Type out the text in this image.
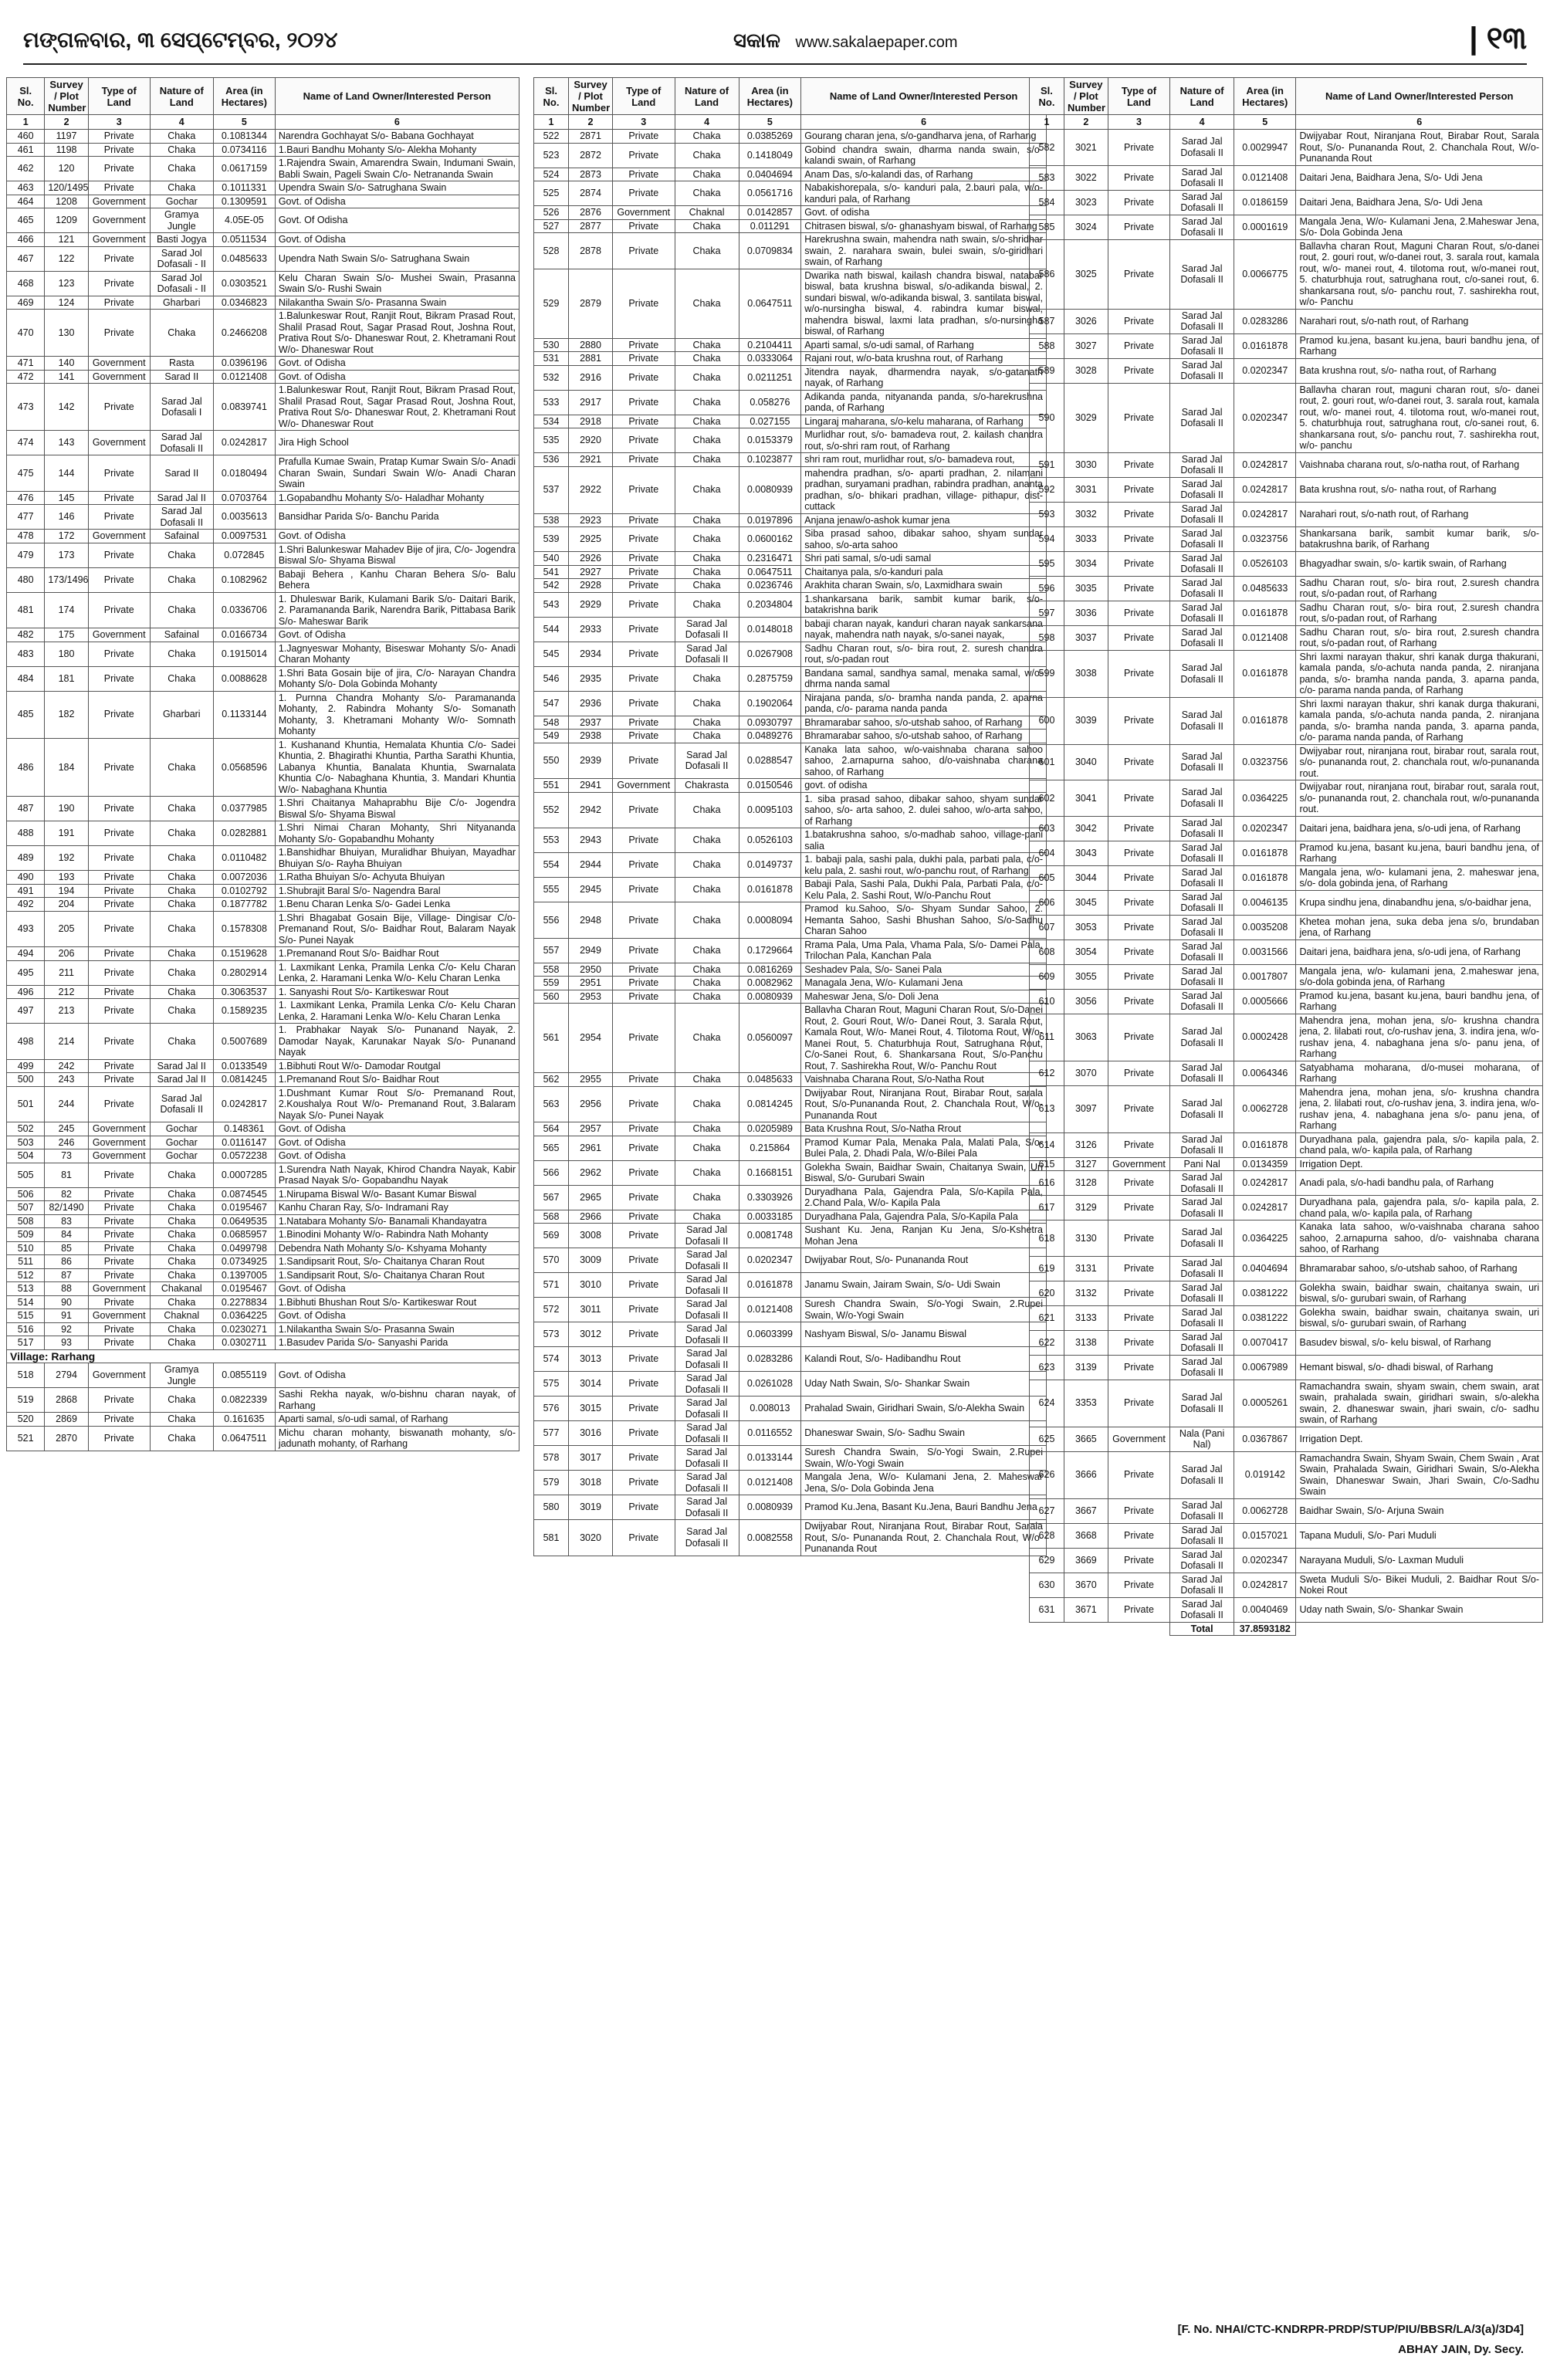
ମଙ୍ଗଳବାର, ୩ ସେପ୍ଟେମ୍ବର, ୨୦୨୪	ସକାଳ www.sakalaepaper.com	| ୧୩
Sl. No.	Survey / Plot Number	Type of Land	Nature of Land	Area (in Hectares)	Name of Land Owner/Interested Person
1	2	3	4	5	6
460	1197	Private	Chaka	0.1081344	Narendra Gochhayat S/o- Babana Gochhayat
461	1198	Private	Chaka	0.0734116	1.Bauri Bandhu Mohanty S/o- Alekha Mohanty
462	120	Private	Chaka	0.0617159	1.Rajendra Swain, Amarendra Swain, Indumani Swain, Babli Swain, Pageli Swain C/o- Netrananda Swain
463	120/1495	Private	Chaka	0.1011331	Upendra Swain S/o- Satrughana Swain
464	1208	Government	Gochar	0.1309591	Govt. of Odisha
465	1209	Government	Gramya Jungle	4.05E-05	Govt. Of Odisha
466	121	Government	Basti Jogya	0.0511534	Govt. of Odisha
467	122	Private	Sarad Jol Dofasali - II	0.0485633	Upendra Nath Swain S/o- Satrughana Swain
468	123	Private	Sarad Jol Dofasali - II	0.0303521	Kelu Charan Swain S/o- Mushei Swain, Prasanna Swain S/o- Rushi Swain
469	124	Private	Gharbari	0.0346823	Nilakantha Swain S/o- Prasanna Swain
470	130	Private	Chaka	0.2466208	1.Balunkeswar Rout, Ranjit Rout, Bikram Prasad Rout, Shalil Prasad Rout, Sagar Prasad Rout, Joshna Rout, Prativa Rout S/o- Dhaneswar Rout, 2. Khetramani Rout W/o- Dhaneswar Rout
471	140	Government	Rasta	0.0396196	Govt. of Odisha
472	141	Government	Sarad II	0.0121408	Govt. of Odisha
473	142	Private	Sarad Jal Dofasali I	0.0839741	1.Balunkeswar Rout, Ranjit Rout, Bikram Prasad Rout, Shalil Prasad Rout, Sagar Prasad Rout, Joshna Rout, Prativa Rout S/o- Dhaneswar Rout, 2. Khetramani Rout W/o- Dhaneswar Rout
474	143	Government	Sarad Jal Dofasali II	0.0242817	Jira High School
475	144	Private	Sarad II	0.0180494	Prafulla Kumae Swain, Pratap Kumar Swain S/o- Anadi Charan Swain, Sundari Swain W/o- Anadi Charan Swain
476	145	Private	Sarad Jal II	0.0703764	1.Gopabandhu Mohanty S/o- Haladhar Mohanty
477	146	Private	Sarad Jal Dofasali II	0.0035613	Bansidhar Parida S/o- Banchu Parida
478	172	Government	Safainal	0.0097531	Govt. of Odisha
479	173	Private	Chaka	0.072845	1.Shri Balunkeswar Mahadev Bije of jira, C/o- Jogendra Biswal S/o- Shyama Biswal
480	173/1496	Private	Chaka	0.1082962	Babaji Behera , Kanhu Charan Behera S/o- Balu Behera
481	174	Private	Chaka	0.0336706	1. Dhuleswar Barik, Kulamani Barik S/o- Daitari Barik, 2. Paramananda Barik, Narendra Barik, Pittabasa Barik S/o- Maheswar Barik
482	175	Government	Safainal	0.0166734	Govt. of Odisha
483	180	Private	Chaka	0.1915014	1.Jagnyeswar Mohanty, Biseswar Mohanty S/o- Anadi Charan Mohanty
484	181	Private	Chaka	0.0088628	1.Shri Bata Gosain bije of jira, C/o- Narayan Chandra Mohanty S/o- Dola Gobinda Mohanty
485	182	Private	Gharbari	0.1133144	1. Purnna Chandra Mohanty S/o- Paramananda Mohanty, 2. Rabindra Mohanty S/o- Somanath Mohanty, 3. Khetramani Mohanty W/o- Somnath Mohanty
486	184	Private	Chaka	0.0568596	1. Kushanand Khuntia, Hemalata Khuntia C/o- Sadei Khuntia, 2. Bhagirathi Khuntia, Partha Sarathi Khuntia, Labanya Khuntia, Banalata Khuntia, Swarnalata Khuntia C/o- Nabaghana Khuntia, 3. Mandari Khuntia W/o- Nabaghana Khuntia
487	190	Private	Chaka	0.0377985	1.Shri Chaitanya Mahaprabhu Bije C/o- Jogendra Biswal S/o- Shyama Biswal
488	191	Private	Chaka	0.0282881	1.Shri Nimai Charan Mohanty, Shri Nityananda Mohanty S/o- Gopabandhu Mohanty
489	192	Private	Chaka	0.0110482	1.Banshidhar Bhuiyan, Muralidhar Bhuiyan, Mayadhar Bhuiyan S/o- Rayha Bhuiyan
490	193	Private	Chaka	0.0072036	1.Ratha Bhuiyan S/o- Achyuta Bhuiyan
491	194	Private	Chaka	0.0102792	1.Shubrajit Baral S/o- Nagendra Baral
492	204	Private	Chaka	0.1877782	1.Benu Charan Lenka S/o- Gadei Lenka
493	205	Private	Chaka	0.1578308	1.Shri Bhagabat Gosain Bije, Village- Dingisar C/o- Premanand Rout, S/o- Baidhar Rout, Balaram Nayak S/o- Punei Nayak
494	206	Private	Chaka	0.1519628	1.Premanand Rout S/o- Baidhar Rout
495	211	Private	Chaka	0.2802914	1. Laxmikant Lenka, Pramila Lenka C/o- Kelu Charan Lenka, 2. Haramani Lenka W/o- Kelu Charan Lenka
496	212	Private	Chaka	0.3063537	1. Sanyashi Rout S/o- Kartikeswar Rout
497	213	Private	Chaka	0.1589235	1. Laxmikant Lenka, Pramila Lenka C/o- Kelu Charan Lenka, 2. Haramani Lenka W/o- Kelu Charan Lenka
498	214	Private	Chaka	0.5007689	1. Prabhakar Nayak S/o- Punanand Nayak, 2. Damodar Nayak, Karunakar Nayak S/o- Punanand Nayak
499	242	Private	Sarad Jal II	0.0133549	1.Bibhuti Rout W/o- Damodar Routgal
500	243	Private	Sarad Jal II	0.0814245	1.Premanand Rout S/o- Baidhar Rout
501	244	Private	Sarad Jal Dofasali II	0.0242817	1.Dushmant Kumar Rout S/o- Premanand Rout, 2.Koushalya Rout W/o- Premanand Rout, 3.Balaram Nayak S/o- Punei Nayak
502	245	Government	Gochar	0.148361	Govt. of Odisha
503	246	Government	Gochar	0.0116147	Govt. of Odisha
504	73	Government	Gochar	0.0572238	Govt. of Odisha
505	81	Private	Chaka	0.0007285	1.Surendra Nath Nayak, Khirod Chandra Nayak, Kabir Prasad Nayak S/o- Gopabandhu Nayak
506	82	Private	Chaka	0.0874545	1.Nirupama Biswal W/o- Basant Kumar Biswal
507	82/1490	Private	Chaka	0.0195467	Kanhu Charan Ray, S/o- Indramani Ray
508	83	Private	Chaka	0.0649535	1.Natabara Mohanty S/o- Banamali Khandayatra
509	84	Private	Chaka	0.0685957	1.Binodini Mohanty W/o- Rabindra Nath Mohanty
510	85	Private	Chaka	0.0499798	Debendra Nath Mohanty S/o- Kshyama Mohanty
511	86	Private	Chaka	0.0734925	1.Sandipsarit Rout, S/o- Chaitanya Charan Rout
512	87	Private	Chaka	0.1397005	1.Sandipsarit Rout, S/o- Chaitanya Charan Rout
513	88	Government	Chakanal	0.0195467	Govt. of Odisha
514	90	Private	Chaka	0.2278834	1.Bibhuti Bhushan Rout S/o- Kartikeswar Rout
515	91	Government	Chaknal	0.0364225	Govt. of Odisha
516	92	Private	Chaka	0.0230271	1.Nilakantha Swain S/o- Prasanna Swain
517	93	Private	Chaka	0.0302711	1.Basudev Parida S/o- Sanyashi Parida
Village: Rarhang					
518	2794	Government	Gramya Jungle	0.0855119	Govt. of Odisha
519	2868	Private	Chaka	0.0822339	Sashi Rekha nayak, w/o-bishnu charan nayak, of Rarhang
520	2869	Private	Chaka	0.161635	Aparti samal, s/o-udi samal, of Rarhang
521	2870	Private	Chaka	0.0647511	Michu charan mohanty, biswanath mohanty, s/o- jadunath mohanty, of Rarhang
Sl. No.	Survey / Plot Number	Type of Land	Nature of Land	Area (in Hectares)	Name of Land Owner/Interested Person
1	2	3	4	5	6
522	2871	Private	Chaka	0.0385269	Gourang charan jena, s/o-gandharva jena, of Rarhang
523	2872	Private	Chaka	0.1418049	Gobind chandra swain, dharma nanda swain, s/o-kalandi swain, of Rarhang
524	2873	Private	Chaka	0.0404694	Anam Das, s/o-kalandi das, of Rarhang
525	2874	Private	Chaka	0.0561716	Nabakishorepala, s/o- kanduri pala, 2.bauri pala, w/o-kanduri pala, of Rarhang
526	2876	Government	Chaknal	0.0142857	Govt. of odisha
527	2877	Private	Chaka	0.011291	Chitrasen biswal, s/o- ghanashyam biswal, of Rarhang
528	2878	Private	Chaka	0.0709834	Harekrushna swain, mahendra nath swain, s/o-shridhar swain, 2. narahara swain, bulei swain, s/o-giridhari swain, of Rarhang
529	2879	Private	Chaka	0.0647511	Dwarika nath biswal, kailash chandra biswal, natabar biswal, bata krushna biswal, s/o-adikanda biswal, 2. sundari biswal, w/o-adikanda biswal, 3. santilata biswal, w/o-nursingha biswal, 4. rabindra kumar biswal, mahendra biswal, laxmi lata pradhan, s/o-nursingha biswal, of Rarhang
530	2880	Private	Chaka	0.2104411	Aparti samal, s/o-udi samal, of Rarhang
531	2881	Private	Chaka	0.0333064	Rajani rout, w/o-bata krushna rout, of Rarhang
532	2916	Private	Chaka	0.0211251	Jitendra nayak, dharmendra nayak, s/o-gatanath nayak, of Rarhang
533	2917	Private	Chaka	0.058276	Adikanda panda, nityananda panda, s/o-harekrushna panda, of Rarhang
534	2918	Private	Chaka	0.027155	Lingaraj maharana, s/o-kelu maharana, of Rarhang
535	2920	Private	Chaka	0.0153379	Murlidhar rout, s/o- bamadeva rout, 2. kailash chandra rout, s/o-shri ram rout, of Rarhang
536	2921	Private	Chaka	0.1023877	shri ram rout, murlidhar rout, s/o- bamadeva rout,
537	2922	Private	Chaka	0.0080939	mahendra pradhan, s/o- aparti pradhan, 2. nilamani pradhan, suryamani pradhan, rabindra pradhan, ananta pradhan, s/o- bhikari pradhan, village- pithapur, dist-cuttack
538	2923	Private	Chaka	0.0197896	Anjana jenaw/o-ashok kumar jena
539	2925	Private	Chaka	0.0600162	Siba prasad sahoo, dibakar sahoo, shyam sundar sahoo, s/o-arta sahoo
540	2926	Private	Chaka	0.2316471	Shri pati samal, s/o-udi samal
541	2927	Private	Chaka	0.0647511	Chaitanya pala, s/o-kanduri pala
542	2928	Private	Chaka	0.0236746	Arakhita charan Swain, s/o, Laxmidhara swain
543	2929	Private	Chaka	0.2034804	1.shankarsana barik, sambit kumar barik, s/o-batakrishna barik
544	2933	Private	Sarad Jal Dofasali II	0.0148018	babaji charan nayak, kanduri charan nayak sankarsana nayak, mahendra nath nayak, s/o-sanei nayak,
545	2934	Private	Sarad Jal Dofasali II	0.0267908	Sadhu Charan rout, s/o- bira rout, 2. suresh chandra rout, s/o-padan rout
546	2935	Private	Chaka	0.2875759	Bandana samal, sandhya samal, menaka samal, w/o-dhrma nanda samal
547	2936	Private	Chaka	0.1902064	Nirajana panda, s/o- bramha nanda panda, 2. aparna panda, c/o- parama nanda panda
548	2937	Private	Chaka	0.0930797	Bhramarabar sahoo, s/o-utshab sahoo, of Rarhang
549	2938	Private	Chaka	0.0489276	Bhramarabar sahoo, s/o-utshab sahoo, of Rarhang
550	2939	Private	Sarad Jal Dofasali II	0.0288547	Kanaka lata sahoo, w/o-vaishnaba charana sahoo sahoo, 2.arnapurna sahoo, d/o-vaishnaba charana sahoo, of Rarhang
551	2941	Government	Chakrasta	0.0150546	govt. of odisha
552	2942	Private	Chaka	0.0095103	1. siba prasad sahoo, dibakar sahoo, shyam sundar sahoo, s/o- arta sahoo, 2. dulei sahoo, w/o-arta sahoo, of Rarhang
553	2943	Private	Chaka	0.0526103	1.batakrushna sahoo, s/o-madhab sahoo, village-pani salia
554	2944	Private	Chaka	0.0149737	1. babaji pala, sashi pala, dukhi pala, parbati pala, c/o-kelu pala, 2. sashi rout, w/o-panchu rout, of Rarhang
555	2945	Private	Chaka	0.0161878	Babaji Pala, Sashi Pala, Dukhi Pala, Parbati Pala, c/o- Kelu Pala, 2. Sashi Rout, W/o-Panchu Rout
556	2948	Private	Chaka	0.0008094	Pramod ku.Sahoo, S/o- Shyam Sundar Sahoo, 2. Hemanta Sahoo, Sashi Bhushan Sahoo, S/o-Sadhu Charan Sahoo
557	2949	Private	Chaka	0.1729664	Rrama Pala, Uma Pala, Vhama Pala, S/o- Damei Pala, Trilochan Pala, Kanchan Pala
558	2950	Private	Chaka	0.0816269	Seshadev Pala, S/o- Sanei Pala
559	2951	Private	Chaka	0.0082962	Managala Jena, W/o- Kulamani Jena
560	2953	Private	Chaka	0.0080939	Maheswar Jena, S/o- Doli Jena
561	2954	Private	Chaka	0.0560097	Ballavha Charan Rout, Maguni Charan Rout, S/o-Danei Rout, 2. Gouri Rout, W/o- Danei Rout, 3. Sarala Rout, Kamala Rout, W/o- Manei Rout, 4. Tilotoma Rout, W/o- Manei Rout, 5. Chaturbhuja Rout, Satrughana Rout, C/o-Sanei Rout, 6. Shankarsana Rout, S/o-Panchu Rout, 7. Sashirekha Rout, W/o- Panchu Rout
562	2955	Private	Chaka	0.0485633	Vaishnaba Charana Rout, S/o-Natha Rout
563	2956	Private	Chaka	0.0814245	Dwijyabar Rout, Niranjana Rout, Birabar Rout, sarala Rout, S/o-Punananda Rout, 2. Chanchala Rout, W/o- Punananda Rout
564	2957	Private	Chaka	0.0205989	Bata Krushna Rout, S/o-Natha Rrout
565	2961	Private	Chaka	0.215864	Pramod Kumar Pala, Menaka Pala, Malati Pala, S/o- Bulei Pala, 2. Dhadi Pala, W/o-Bilei Pala
566	2962	Private	Chaka	0.1668151	Golekha Swain, Baidhar Swain, Chaitanya Swain, Uri Biswal, S/o- Gurubari Swain
567	2965	Private	Chaka	0.3303926	Duryadhana Pala, Gajendra Pala, S/o-Kapila Pala, 2.Chand Pala, W/o- Kapila Pala
568	2966	Private	Chaka	0.0033185	Duryadhana Pala, Gajendra Pala, S/o-Kapila Pala
569	3008	Private	Sarad Jal Dofasali II	0.0081748	Sushant Ku. Jena, Ranjan Ku Jena, S/o-Kshetra Mohan Jena
570	3009	Private	Sarad Jal Dofasali II	0.0202347	Dwijyabar Rout, S/o- Punananda Rout
571	3010	Private	Sarad Jal Dofasali II	0.0161878	Janamu Swain, Jairam Swain, S/o- Udi Swain
572	3011	Private	Sarad Jal Dofasali II	0.0121408	Suresh Chandra Swain, S/o-Yogi Swain, 2.Rupei Swain, W/o-Yogi Swain
573	3012	Private	Sarad Jal Dofasali II	0.0603399	Nashyam Biswal, S/o- Janamu Biswal
574	3013	Private	Sarad Jal Dofasali II	0.0283286	Kalandi Rout, S/o- Hadibandhu Rout
575	3014	Private	Sarad Jal Dofasali II	0.0261028	Uday Nath Swain, S/o- Shankar Swain
576	3015	Private	Sarad Jal Dofasali II	0.008013	Prahalad Swain, Giridhari Swain, S/o-Alekha Swain
577	3016	Private	Sarad Jal Dofasali II	0.0116552	Dhaneswar Swain, S/o- Sadhu Swain
578	3017	Private	Sarad Jal Dofasali II	0.0133144	Suresh Chandra Swain, S/o-Yogi Swain, 2.Rupei Swain, W/o-Yogi Swain
579	3018	Private	Sarad Jal Dofasali II	0.0121408	Mangala Jena, W/o- Kulamani Jena, 2. Maheswar Jena, S/o- Dola Gobinda Jena
580	3019	Private	Sarad Jal Dofasali II	0.0080939	Pramod Ku.Jena, Basant Ku.Jena, Bauri Bandhu Jena
581	3020	Private	Sarad Jal Dofasali II	0.0082558	Dwijyabar Rout, Niranjana Rout, Birabar Rout, Sarala Rout, S/o- Punananda Rout, 2. Chanchala Rout, W/o- Punananda Rout
Sl. No.	Survey / Plot Number	Type of Land	Nature of Land	Area (in Hectares)	Name of Land Owner/Interested Person
1	2	3	4	5	6
582	3021	Private	Sarad Jal Dofasali II	0.0029947	Dwijyabar Rout, Niranjana Rout, Birabar Rout, Sarala Rout, S/o- Punananda Rout, 2. Chanchala Rout, W/o- Punananda Rout
583	3022	Private	Sarad Jal Dofasali II	0.0121408	Daitari Jena, Baidhara Jena, S/o- Udi Jena
584	3023	Private	Sarad Jal Dofasali II	0.0186159	Daitari Jena, Baidhara Jena, S/o- Udi Jena
585	3024	Private	Sarad Jal Dofasali II	0.0001619	Mangala Jena, W/o- Kulamani Jena, 2.Maheswar Jena, S/o- Dola Gobinda Jena
586	3025	Private	Sarad Jal Dofasali II	0.0066775	Ballavha charan Rout, Maguni Charan Rout, s/o-danei rout, 2. gouri rout, w/o-danei rout, 3. sarala rout, kamala rout, w/o- manei rout, 4. tilotoma rout, w/o-manei rout, 5. chaturbhuja rout, satrughana rout, c/o-sanei rout, 6. shankarsana rout, s/o- panchu rout, 7. sashirekha rout, w/o- Panchu
587	3026	Private	Sarad Jal Dofasali II	0.0283286	Narahari rout, s/o-nath rout, of Rarhang
588	3027	Private	Sarad Jal Dofasali II	0.0161878	Pramod ku.jena, basant ku.jena, bauri bandhu jena, of Rarhang
589	3028	Private	Sarad Jal Dofasali II	0.0202347	Bata krushna rout, s/o- natha rout, of Rarhang
590	3029	Private	Sarad Jal Dofasali II	0.0202347	Ballavha charan rout, maguni charan rout, s/o- danei rout, 2. gouri rout, w/o-danei rout, 3. sarala rout, kamala rout, w/o- manei rout, 4. tilotoma rout, w/o-manei rout, 5. chaturbhuja rout, satrughana rout, c/o-sanei rout, 6. shankarsana rout, s/o- panchu rout, 7. sashirekha rout, w/o- panchu
591	3030	Private	Sarad Jal Dofasali II	0.0242817	Vaishnaba charana rout, s/o-natha rout, of Rarhang
592	3031	Private	Sarad Jal Dofasali II	0.0242817	Bata krushna rout, s/o- natha rout, of Rarhang
593	3032	Private	Sarad Jal Dofasali II	0.0242817	Narahari rout, s/o-nath rout, of Rarhang
594	3033	Private	Sarad Jal Dofasali II	0.0323756	Shankarsana barik, sambit kumar barik, s/o-batakrushna barik, of Rarhang
595	3034	Private	Sarad Jal Dofasali II	0.0526103	Bhagyadhar swain, s/o- kartik swain, of Rarhang
596	3035	Private	Sarad Jal Dofasali II	0.0485633	Sadhu Charan rout, s/o- bira rout, 2.suresh chandra rout, s/o-padan rout, of Rarhang
597	3036	Private	Sarad Jal Dofasali II	0.0161878	Sadhu Charan rout, s/o- bira rout, 2.suresh chandra rout, s/o-padan rout, of Rarhang
598	3037	Private	Sarad Jal Dofasali II	0.0121408	Sadhu Charan rout, s/o- bira rout, 2.suresh chandra rout, s/o-padan rout, of Rarhang
599	3038	Private	Sarad Jal Dofasali II	0.0161878	Shri laxmi narayan thakur, shri kanak durga thakurani, kamala panda, s/o-achuta nanda panda, 2. niranjana panda, s/o- bramha nanda panda, 3. aparna panda, c/o- parama nanda panda, of Rarhang
600	3039	Private	Sarad Jal Dofasali II	0.0161878	Shri laxmi narayan thakur, shri kanak durga thakurani, kamala panda, s/o-achuta nanda panda, 2. niranjana panda, s/o- bramha nanda panda, 3. aparna panda, c/o- parama nanda panda, of Rarhang
601	3040	Private	Sarad Jal Dofasali II	0.0323756	Dwijyabar rout, niranjana rout, birabar rout, sarala rout, s/o- punananda rout, 2. chanchala rout, w/o-punananda rout.
602	3041	Private	Sarad Jal Dofasali II	0.0364225	Dwijyabar rout, niranjana rout, birabar rout, sarala rout, s/o- punananda rout, 2. chanchala rout, w/o-punananda rout.
603	3042	Private	Sarad Jal Dofasali II	0.0202347	Daitari jena, baidhara jena, s/o-udi jena, of Rarhang
604	3043	Private	Sarad Jal Dofasali II	0.0161878	Pramod ku.jena, basant ku.jena, bauri bandhu jena, of Rarhang
605	3044	Private	Sarad Jal Dofasali II	0.0161878	Mangala jena, w/o- kulamani jena, 2. maheswar jena, s/o- dola gobinda jena, of Rarhang
606	3045	Private	Sarad Jal Dofasali II	0.0046135	Krupa sindhu jena, dinabandhu jena, s/o-baidhar jena,
607	3053	Private	Sarad Jal Dofasali II	0.0035208	Khetea mohan jena, suka deba jena s/o, brundaban jena, of Rarhang
608	3054	Private	Sarad Jal Dofasali II	0.0031566	Daitari jena, baidhara jena, s/o-udi jena, of Rarhang
609	3055	Private	Sarad Jal Dofasali II	0.0017807	Mangala jena, w/o- kulamani jena, 2.maheswar jena, s/o-dola gobinda jena, of Rarhang
610	3056	Private	Sarad Jal Dofasali II	0.0005666	Pramod ku.jena, basant ku.jena, bauri bandhu jena, of Rarhang
611	3063	Private	Sarad Jal Dofasali II	0.0002428	Mahendra jena, mohan jena, s/o- krushna chandra jena, 2. lilabati rout, c/o-rushav jena, 3. indira jena, w/o-rushav jena, 4. nabaghana jena s/o- panu jena, of Rarhang
612	3070	Private	Sarad Jal Dofasali II	0.0064346	Satyabhama moharana, d/o-musei moharana, of Rarhang
613	3097	Private	Sarad Jal Dofasali II	0.0062728	Mahendra jena, mohan jena, s/o- krushna chandra jena, 2. lilabati rout, c/o-rushav jena, 3. indira jena, w/o-rushav jena, 4. nabaghana jena s/o- panu jena, of Rarhang
614	3126	Private	Sarad Jal Dofasali II	0.0161878	Duryadhana pala, gajendra pala, s/o- kapila pala, 2. chand pala, w/o- kapila pala, of Rarhang
615	3127	Government	Pani Nal	0.0134359	Irrigation Dept.
616	3128	Private	Sarad Jal Dofasali II	0.0242817	Anadi pala, s/o-hadi bandhu pala, of Rarhang
617	3129	Private	Sarad Jal Dofasali II	0.0242817	Duryadhana pala, gajendra pala, s/o- kapila pala, 2. chand pala, w/o- kapila pala, of Rarhang
618	3130	Private	Sarad Jal Dofasali II	0.0364225	Kanaka lata sahoo, w/o-vaishnaba charana sahoo sahoo, 2.arnapurna sahoo, d/o- vaishnaba charana sahoo, of Rarhang
619	3131	Private	Sarad Jal Dofasali II	0.0404694	Bhramarabar sahoo, s/o-utshab sahoo, of Rarhang
620	3132	Private	Sarad Jal Dofasali II	0.0381222	Golekha swain, baidhar swain, chaitanya swain, uri biswal, s/o- gurubari swain, of Rarhang
621	3133	Private	Sarad Jal Dofasali II	0.0381222	Golekha swain, baidhar swain, chaitanya swain, uri biswal, s/o- gurubari swain, of Rarhang
622	3138	Private	Sarad Jal Dofasali II	0.0070417	Basudev biswal, s/o- kelu biswal, of Rarhang
623	3139	Private	Sarad Jal Dofasali II	0.0067989	Hemant biswal, s/o- dhadi biswal, of Rarhang
624	3353	Private	Sarad Jal Dofasali II	0.0005261	Ramachandra swain, shyam swain, chem swain, arat swain, prahalada swain, giridhari swain, s/o-alekha swain, 2. dhaneswar swain, jhari swain, c/o- sadhu swain, of Rarhang
625	3665	Government	Nala (Pani Nal)	0.0367867	Irrigation Dept.
626	3666	Private	Sarad Jal Dofasali II	0.019142	Ramachandra Swain, Shyam Swain, Chem Swain , Arat Swain, Prahalada Swain, Giridhari Swain, S/o-Alekha Swain, Dhaneswar Swain, Jhari Swain, C/o-Sadhu Swain
627	3667	Private	Sarad Jal Dofasali II	0.0062728	Baidhar Swain, S/o- Arjuna Swain
628	3668	Private	Sarad Jal Dofasali II	0.0157021	Tapana Muduli, S/o- Pari Muduli
629	3669	Private	Sarad Jal Dofasali II	0.0202347	Narayana Muduli, S/o- Laxman Muduli
630	3670	Private	Sarad Jal Dofasali II	0.0242817	Sweta Muduli S/o- Bikei Muduli, 2. Baidhar Rout S/o- Nokei Rout
631	3671	Private	Sarad Jal Dofasali II	0.0040469	Uday nath Swain, S/o- Shankar Swain
			Total	37.8593182	
[F. No. NHAI/CTC-KNDRPR-PRDP/STUP/PIU/BBSR/LA/3(a)/3D4]
ABHAY JAIN, Dy. Secy.
